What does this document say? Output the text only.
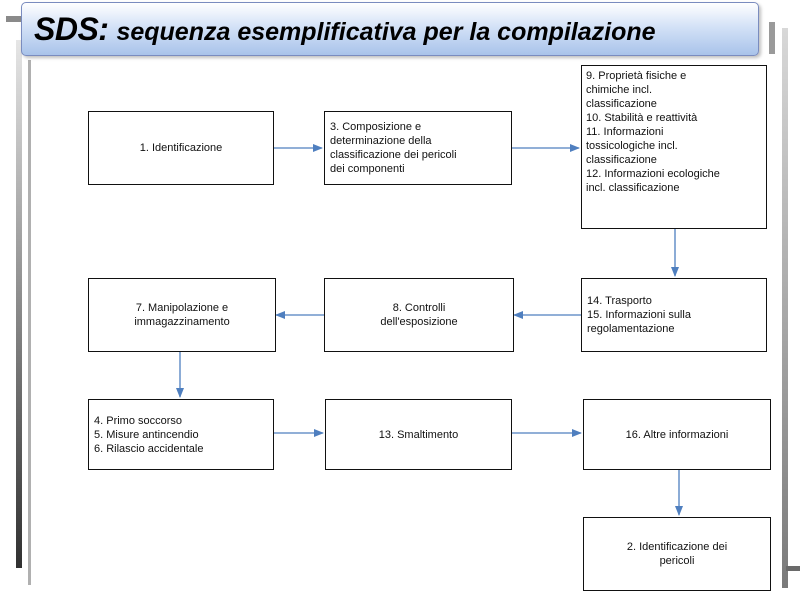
SDS: sequenza esemplificativa per la compilazione
1. Identificazione
3. Composizione e
determinazione della
classificazione dei pericoli
dei componenti
9. Proprietà fisiche e
chimiche incl.
classificazione
10. Stabilità e reattività
11. Informazioni
tossicologiche incl.
classificazione
12. Informazioni ecologiche
incl. classificazione
14. Trasporto
15. Informazioni sulla
regolamentazione
8. Controlli
dell'esposizione
7. Manipolazione e
immagazzinamento
4. Primo soccorso
5. Misure antincendio
6. Rilascio accidentale
13. Smaltimento	16. Altre informazioni
2. Identificazione dei
pericoli
